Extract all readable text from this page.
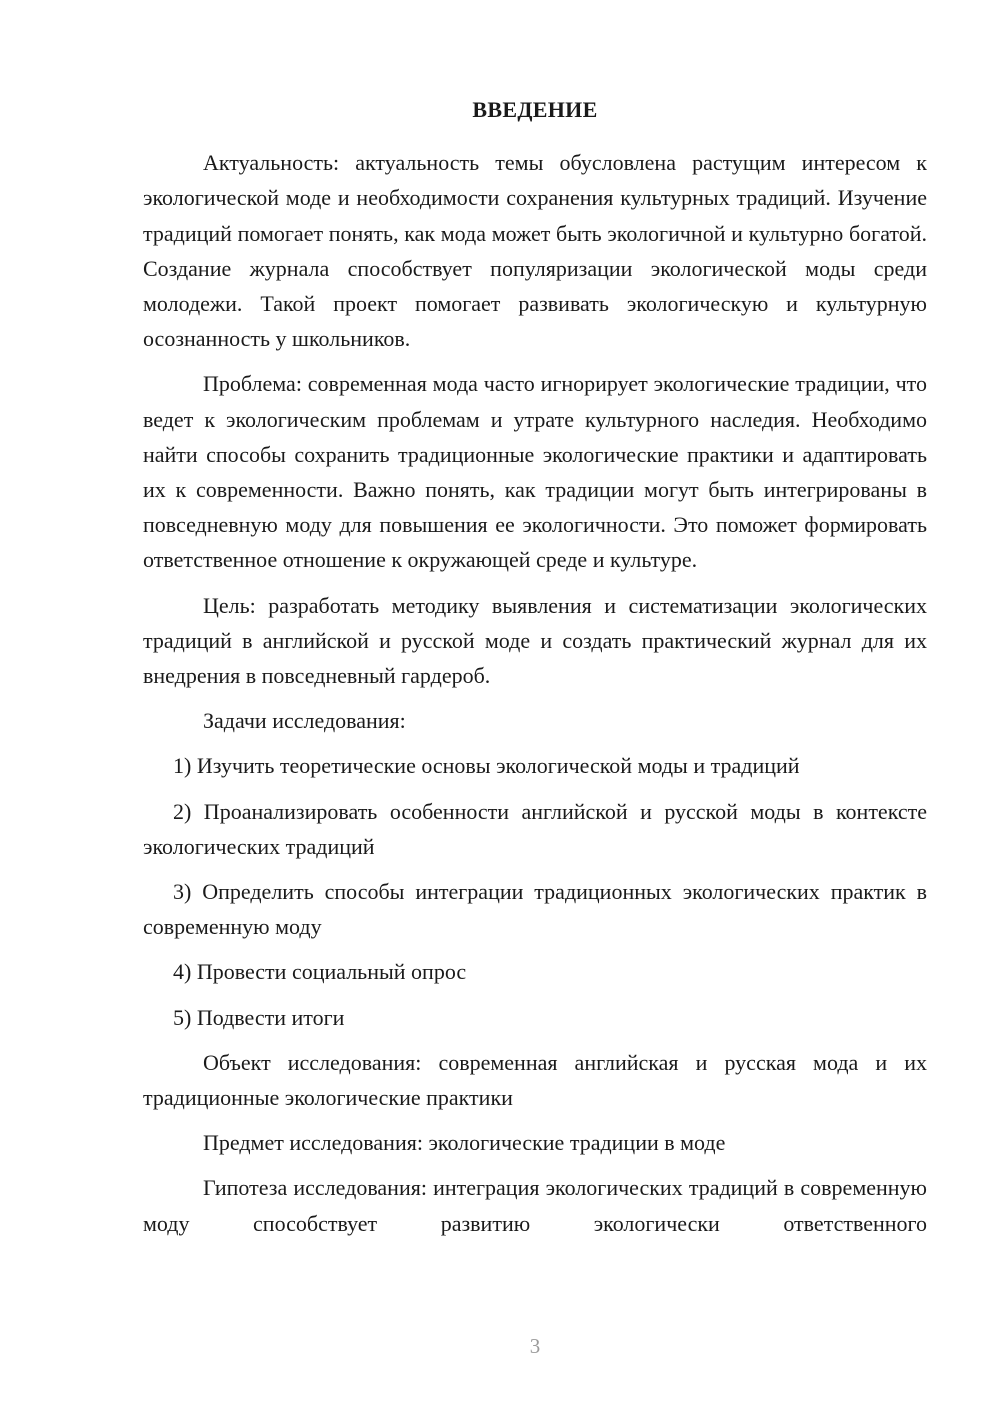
ВВЕДЕНИЕ

Актуальность: актуальность темы обусловлена растущим интересом к экологической моде и необходимости сохранения культурных традиций. Изучение традиций помогает понять, как мода может быть экологичной и культурно богатой. Создание журнала способствует популяризации экологической моды среди молодежи. Такой проект помогает развивать экологическую и культурную осознанность у школьников.

Проблема: современная мода часто игнорирует экологические традиции, что ведет к экологическим проблемам и утрате культурного наследия. Необходимо найти способы сохранить традиционные экологические практики и адаптировать их к современности. Важно понять, как традиции могут быть интегрированы в повседневную моду для повышения ее экологичности. Это поможет формировать ответственное отношение к окружающей среде и культуре.

Цель: разработать методику выявления и систематизации экологических традиций в английской и русской моде и создать практический журнал для их внедрения в повседневный гардероб.

Задачи исследования:

1) Изучить теоретические основы экологической моды и традиций

2) Проанализировать особенности английской и русской моды в контексте экологических традиций

3) Определить способы интеграции традиционных экологических практик в современную моду

4) Провести социальный опрос

5) Подвести итоги

Объект исследования: современная английская и русская мода и их традиционные экологические практики

Предмет исследования: экологические традиции в моде

Гипотеза исследования: интеграция экологических традиций в современную моду способствует развитию экологически ответственного

3
